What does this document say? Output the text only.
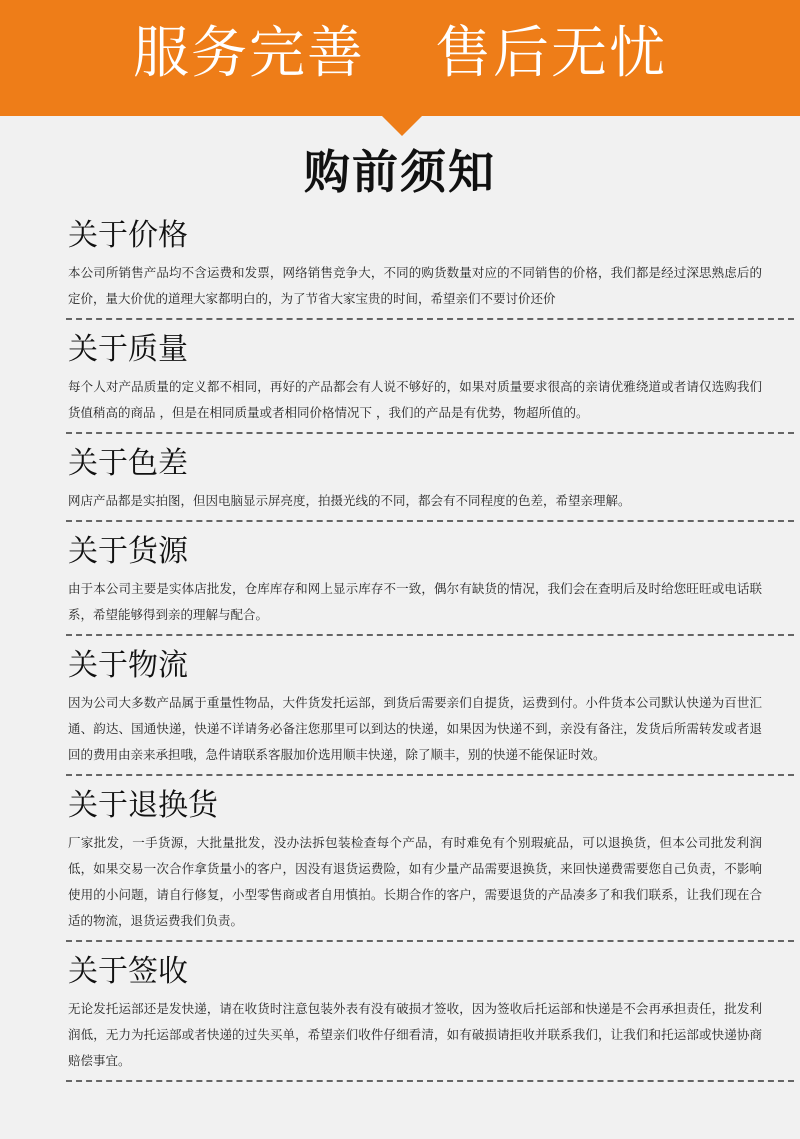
服务完善 售后无忧
购前须知
关于价格
本公司所销售产品均不含运费和发票，网络销售竞争大，不同的购货数量对应的不同销售的价格，我们都是经过深思熟虑后的定价，量大价优的道理大家都明白的，为了节省大家宝贵的时间，希望亲们不要讨价还价
关于质量
每个人对产品质量的定义都不相同，再好的产品都会有人说不够好的，如果对质量要求很高的亲请优雅绕道或者请仅选购我们货值稍高的商品 ，但是在相同质量或者相同价格情况下 ，我们的产品是有优势，物超所值的。
关于色差
网店产品都是实拍图，但因电脑显示屏亮度，拍摄光线的不同，都会有不同程度的色差，希望亲理解。
关于货源
由于本公司主要是实体店批发，仓库库存和网上显示库存不一致，偶尔有缺货的情况，我们会在查明后及时给您旺旺或电话联系，希望能够得到亲的理解与配合。
关于物流
因为公司大多数产品属于重量性物品，大件货发托运部，到货后需要亲们自提货，运费到付。小件货本公司默认快递为百世汇通、韵达、国通快递，快递不详请务必备注您那里可以到达的快递，如果因为快递不到，亲没有备注，发货后所需转发或者退回的费用由亲来承担哦，急件请联系客服加价选用顺丰快递，除了顺丰，别的快递不能保证时效。
关于退换货
厂家批发，一手货源，大批量批发，没办法拆包装检查每个产品，有时难免有个别瑕疵品，可以退换货，但本公司批发利润低，如果交易一次合作拿货量小的客户，因没有退货运费险，如有少量产品需要退换货，来回快递费需要您自己负责，不影响使用的小问题，请自行修复，小型零售商或者自用慎拍。长期合作的客户，需要退货的产品凑多了和我们联系，让我们现在合适的物流，退货运费我们负责。
关于签收
无论发托运部还是发快递，请在收货时注意包装外表有没有破损才签收，因为签收后托运部和快递是不会再承担责任，批发利润低，无力为托运部或者快递的过失买单，希望亲们收件仔细看清，如有破损请拒收并联系我们，让我们和托运部或快递协商赔偿事宜。
